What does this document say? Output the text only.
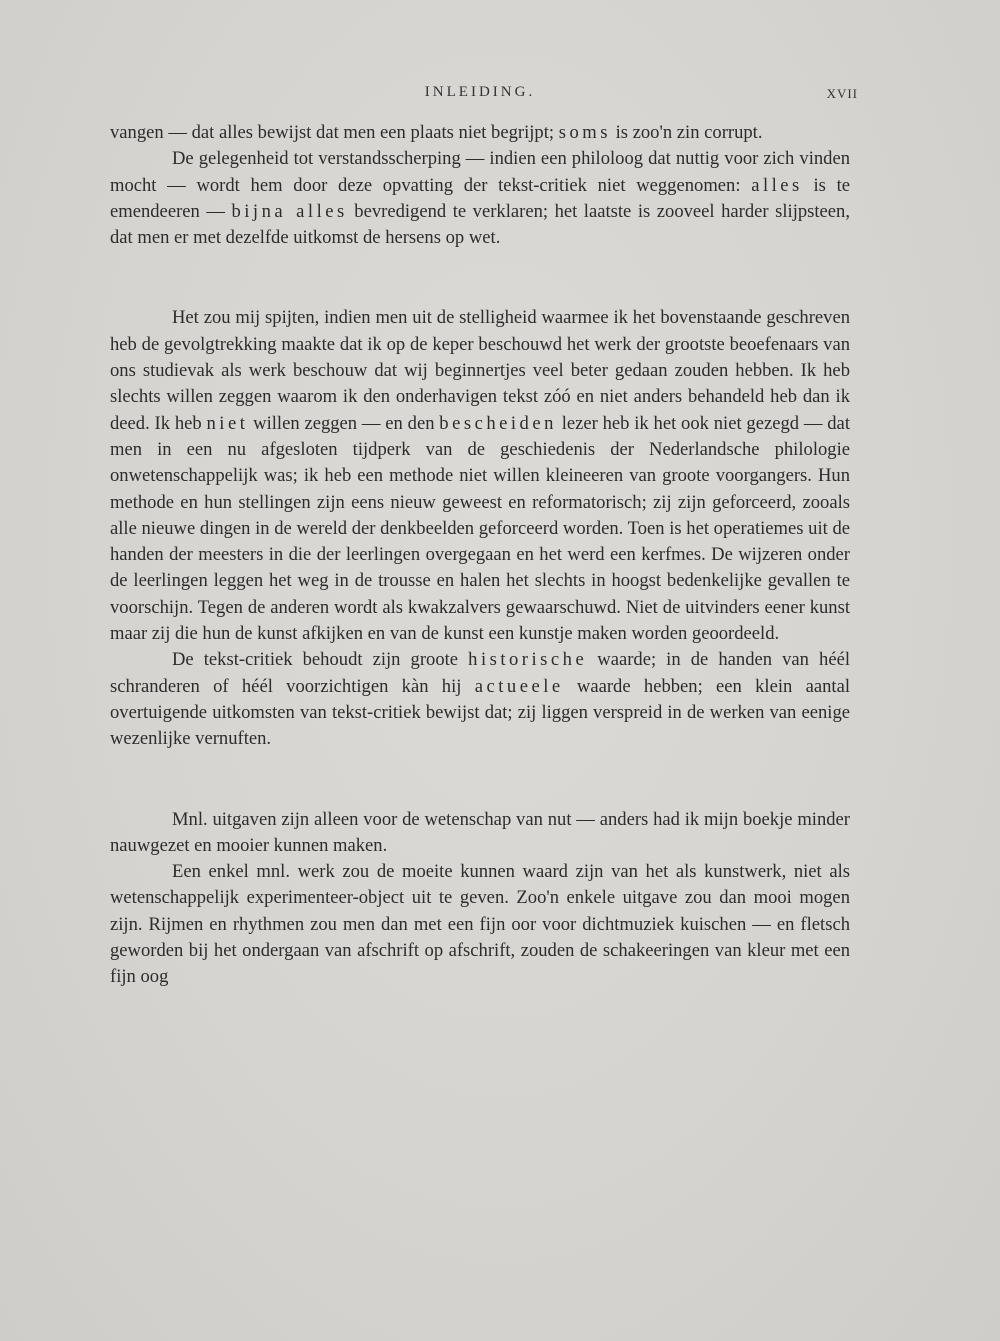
INLEIDING.	XVII

vangen — dat alles bewijst dat men een plaats niet begrijpt; soms is zoo'n zin corrupt.

De gelegenheid tot verstandsscherping — indien een philoloog dat nuttig voor zich vinden mocht — wordt hem door deze opvatting der tekst-critiek niet weggenomen: alles is te emendeeren — bijna alles bevredigend te verklaren; het laatste is zooveel harder slijpsteen, dat men er met dezelfde uitkomst de hersens op wet.

Het zou mij spijten, indien men uit de stelligheid waarmee ik het bovenstaande geschreven heb de gevolgtrekking maakte dat ik op de keper beschouwd het werk der grootste beoefenaars van ons studievak als werk beschouw dat wij beginnertjes veel beter gedaan zouden hebben. Ik heb slechts willen zeggen waarom ik den onderhavigen tekst zóó en niet anders behandeld heb dan ik deed. Ik heb niet willen zeggen — en den bescheiden lezer heb ik het ook niet gezegd — dat men in een nu afgesloten tijdperk van de geschiedenis der Nederlandsche philologie onwetenschappelijk was; ik heb een methode niet willen kleineeren van groote voorgangers. Hun methode en hun stellingen zijn eens nieuw geweest en reformatorisch; zij zijn geforceerd, zooals alle nieuwe dingen in de wereld der denkbeelden geforceerd worden. Toen is het operatiemes uit de handen der meesters in die der leerlingen overgegaan en het werd een kerfmes. De wijzeren onder de leerlingen leggen het weg in de trousse en halen het slechts in hoogst bedenkelijke gevallen te voorschijn. Tegen de anderen wordt als kwakzalvers gewaarschuwd. Niet de uitvinders eener kunst maar zij die hun de kunst afkijken en van de kunst een kunstje maken worden geoordeeld.

De tekst-critiek behoudt zijn groote historische waarde; in de handen van héél schranderen of héél voorzichtigen kàn hij actueele waarde hebben; een klein aantal overtuigende uitkomsten van tekst-critiek bewijst dat; zij liggen verspreid in de werken van eenige wezenlijke vernuften.

Mnl. uitgaven zijn alleen voor de wetenschap van nut — anders had ik mijn boekje minder nauwgezet en mooier kunnen maken.

Een enkel mnl. werk zou de moeite kunnen waard zijn van het als kunstwerk, niet als wetenschappelijk experimenteer-object uit te geven. Zoo'n enkele uitgave zou dan mooi mogen zijn. Rijmen en rhythmen zou men dan met een fijn oor voor dichtmuziek kuischen — en fletsch geworden bij het ondergaan van afschrift op afschrift, zouden de schakeeringen van kleur met een fijn oog
